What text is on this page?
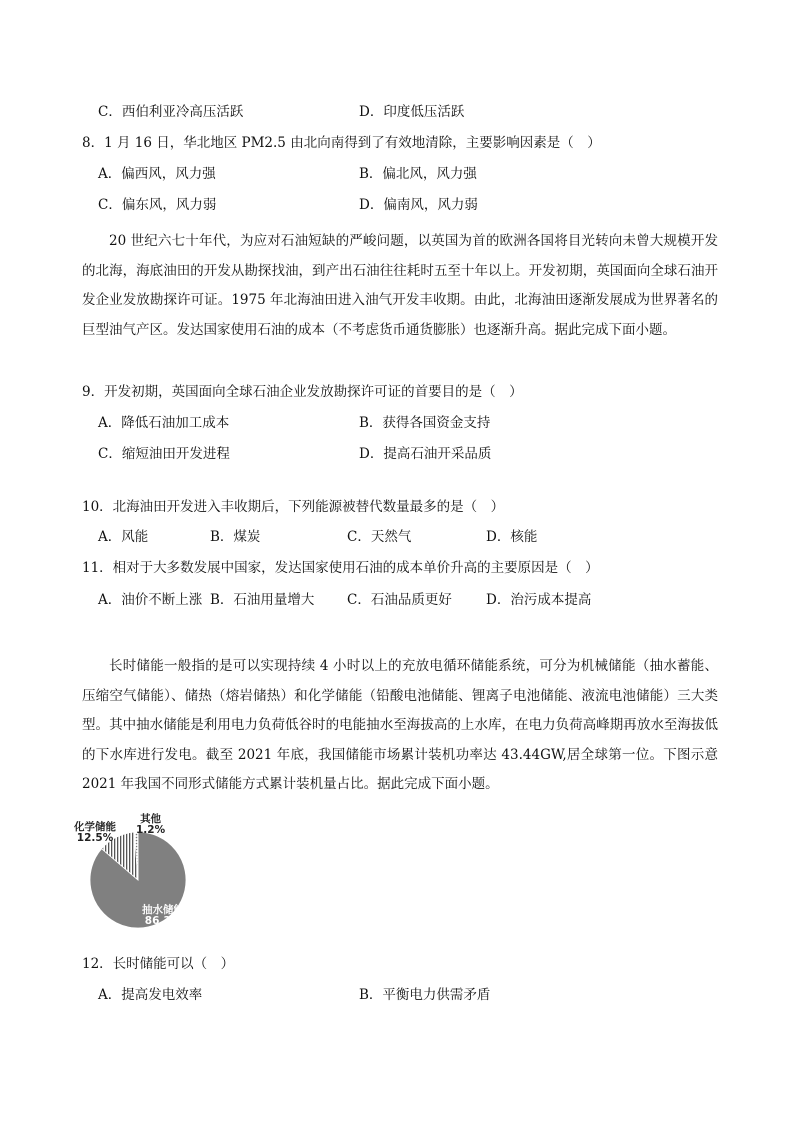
C．西伯利亚冷高压活跃	D．印度低压活跃
8．1 月 16 日，华北地区 PM2.5 由北向南得到了有效地清除，主要影响因素是（　）
A．偏西风，风力强	B．偏北风，风力强
C．偏东风，风力弱	D．偏南风，风力弱
20 世纪六七十年代，为应对石油短缺的严峻问题，以英国为首的欧洲各国将目光转向未曾大规模开发的北海，海底油田的开发从勘探找油，到产出石油往往耗时五至十年以上。开发初期，英国面向全球石油开发企业发放勘探许可证。1975 年北海油田进入油气开发丰收期。由此，北海油田逐渐发展成为世界著名的巨型油气产区。发达国家使用石油的成本（不考虑货币通货膨胀）也逐渐升高。据此完成下面小题。
9．开发初期，英国面向全球石油企业发放勘探许可证的首要目的是（　）
A．降低石油加工成本	B．获得各国资金支持
C．缩短油田开发进程	D．提高石油开采品质
10．北海油田开发进入丰收期后，下列能源被替代数量最多的是（　）
A．风能	B．煤炭	C．天然气	D．核能
11．相对于大多数发展中国家，发达国家使用石油的成本单价升高的主要原因是（　）
A．油价不断上涨 B．石油用量增大 C．石油品质更好	D．治污成本提高
长时储能一般指的是可以实现持续 4 小时以上的充放电循环储能系统，可分为机械储能（抽水蓄能、压缩空气储能）、储热（熔岩储热）和化学储能（铅酸电池储能、锂离子电池储能、液流电池储能）三大类型。其中抽水储能是利用电力负荷低谷时的电能抽水至海拔高的上水库，在电力负荷高峰期再放水至海拔低的下水库进行发电。截至 2021 年底，我国储能市场累计装机功率达 43.44GW,居全球第一位。下图示意 2021 年我国不同形式储能方式累计装机量占比。据此完成下面小题。
化学储能
12.5%
其他
1.2%
抽水储能
86.3%
12．长时储能可以（　）
A．提高发电效率	B．平衡电力供需矛盾
